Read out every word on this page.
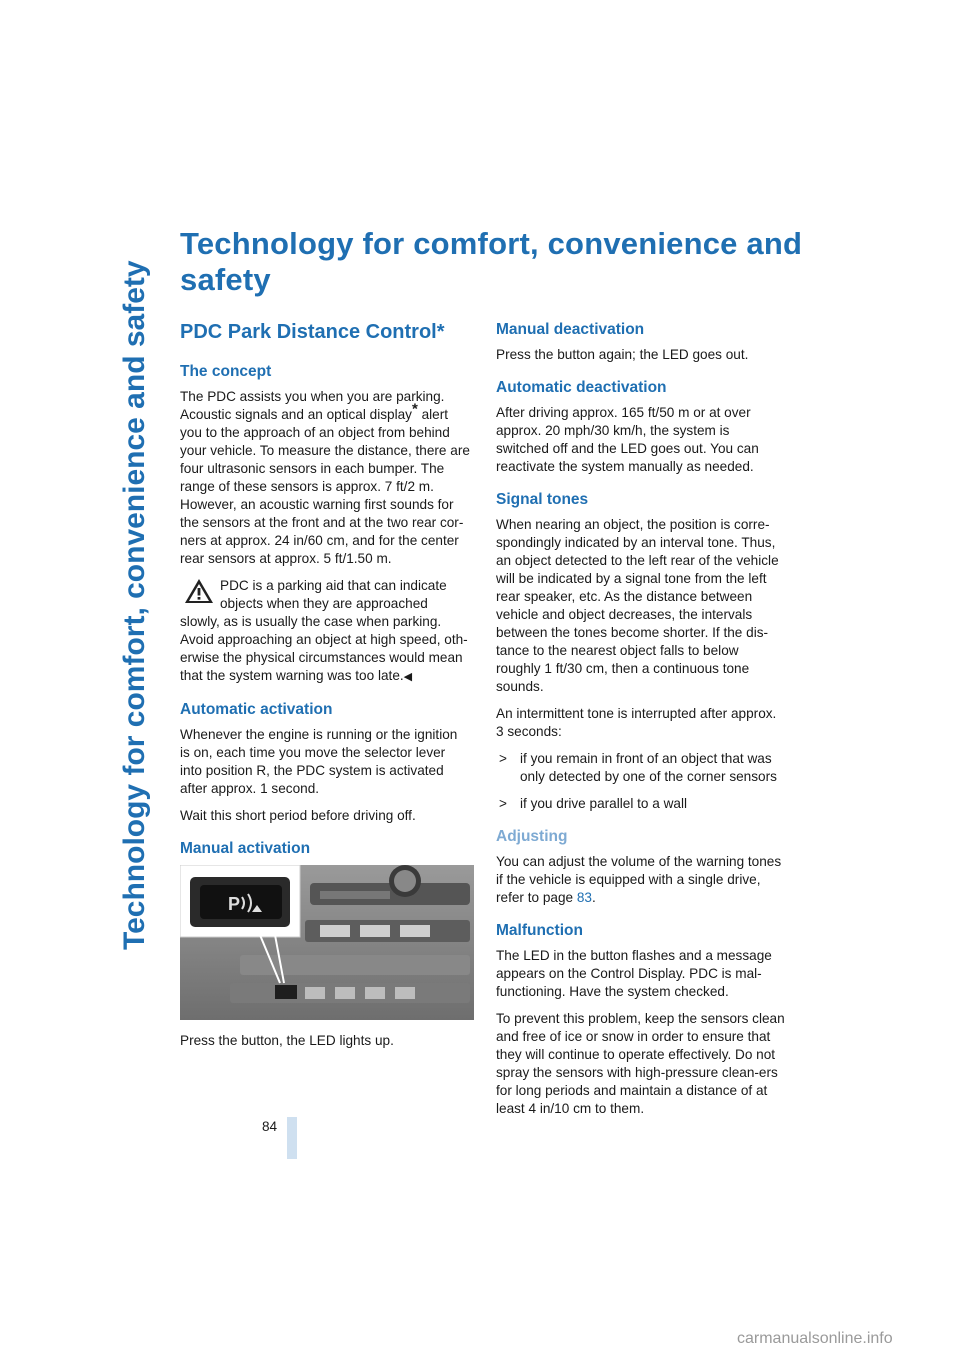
Technology for comfort, convenience and safety
Technology for comfort, convenience and safety
PDC Park Distance Control*
The concept

The PDC assists you when you are parking. Acoustic signals and an optical display* alert you to the approach of an object from behind your vehicle. To measure the distance, there are four ultrasonic sensors in each bumper. The range of these sensors is approx. 7 ft/2 m. However, an acoustic warning first sounds for the sensors at the front and at the two rear cor-ners at approx. 24 in/60 cm, and for the center rear sensors at approx. 5 ft/1.50 m.

PDC is a parking aid that can indicate
objects when they are approached
slowly, as is usually the case when parking. Avoid approaching an object at high speed, oth-erwise the physical circumstances would mean that the system warning was too late.◀

Automatic activation

Whenever the engine is running or the ignition is on, each time you move the selector lever into position R, the PDC system is activated after approx. 1 second.

Wait this short period before driving off.

Manual activation
P

Press the button, the LED lights up.

Manual deactivation

Press the button again; the LED goes out.

Automatic deactivation

After driving approx. 165 ft/50 m or at over approx. 20 mph/30 km/h, the system is switched off and the LED goes out. You can reactivate the system manually as needed.

Signal tones

When nearing an object, the position is corre-spondingly indicated by an interval tone. Thus, an object detected to the left rear of the vehicle will be indicated by a signal tone from the left rear speaker, etc. As the distance between vehicle and object decreases, the intervals between the tones become shorter. If the dis-tance to the nearest object falls to below roughly 1 ft/30 cm, then a continuous tone sounds.

An intermittent tone is interrupted after approx. 3 seconds:

> if you remain in front of an object that was only detected by one of the corner sensors
> if you drive parallel to a wall
Adjusting

You can adjust the volume of the warning tones if the vehicle is equipped with a single drive, refer to page 83.

Malfunction

The LED in the button flashes and a message appears on the Control Display. PDC is mal-functioning. Have the system checked.

To prevent this problem, keep the sensors clean and free of ice or snow in order to ensure that they will continue to operate effectively. Do not spray the sensors with high-pressure clean-ers for long periods and maintain a distance of at least 4 in/10 cm to them.

84
carmanualsonline.info
